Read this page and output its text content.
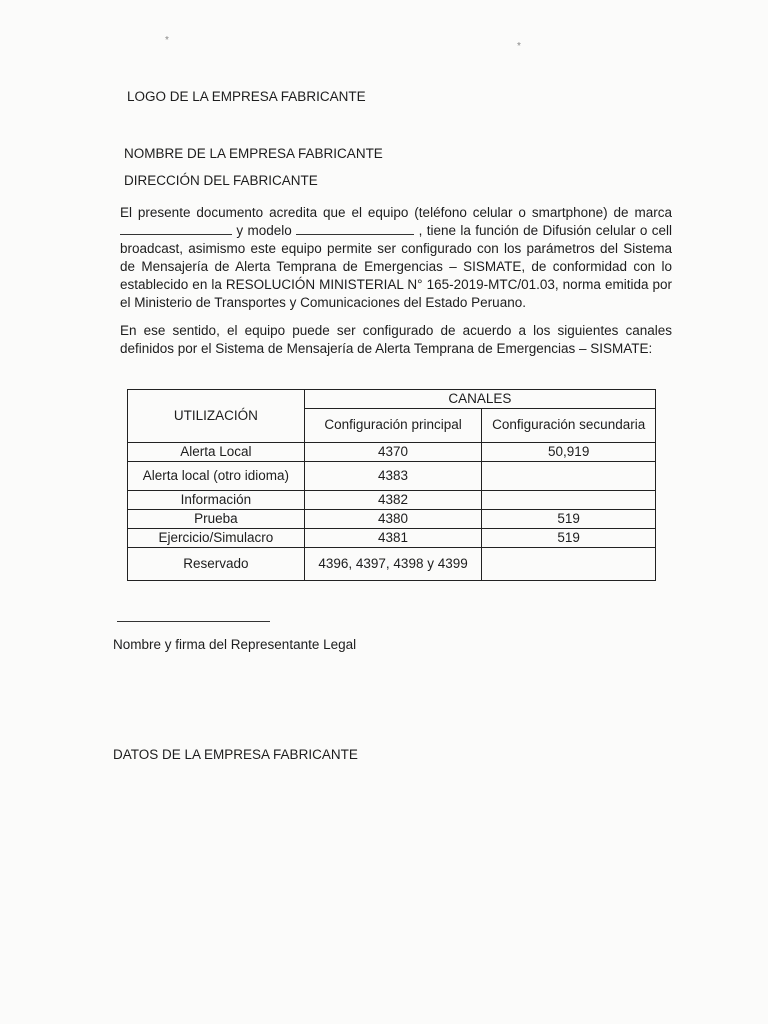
*
*
LOGO DE LA EMPRESA FABRICANTE
NOMBRE DE LA EMPRESA FABRICANTE
DIRECCIÓN DEL FABRICANTE
El presente documento acredita que el equipo (teléfono celular o smartphone) de marca  y modelo	, tiene la función de Difusión celular o cell broadcast, asimismo este equipo permite ser configurado con los parámetros del Sistema de Mensajería de Alerta Temprana de Emergencias – SISMATE, de conformidad con lo establecido en la RESOLUCIÓN MINISTERIAL N° 165-2019-MTC/01.03, norma emitida por el Ministerio de Transportes y Comunicaciones del Estado Peruano.
En ese sentido, el equipo puede ser configurado de acuerdo a los siguientes canales definidos por el Sistema de Mensajería de Alerta Temprana de Emergencias – SISMATE:
UTILIZACIÓN	CANALES	
	Configuración principal	Configuración secundaria
Alerta Local	4370	50,919
Alerta local (otro idioma)	4383	
Información	4382	
Prueba	4380	519
Ejercicio/Simulacro	4381	519
Reservado	4396, 4397, 4398 y 4399	
Nombre y firma del Representante Legal
DATOS DE LA EMPRESA FABRICANTE
